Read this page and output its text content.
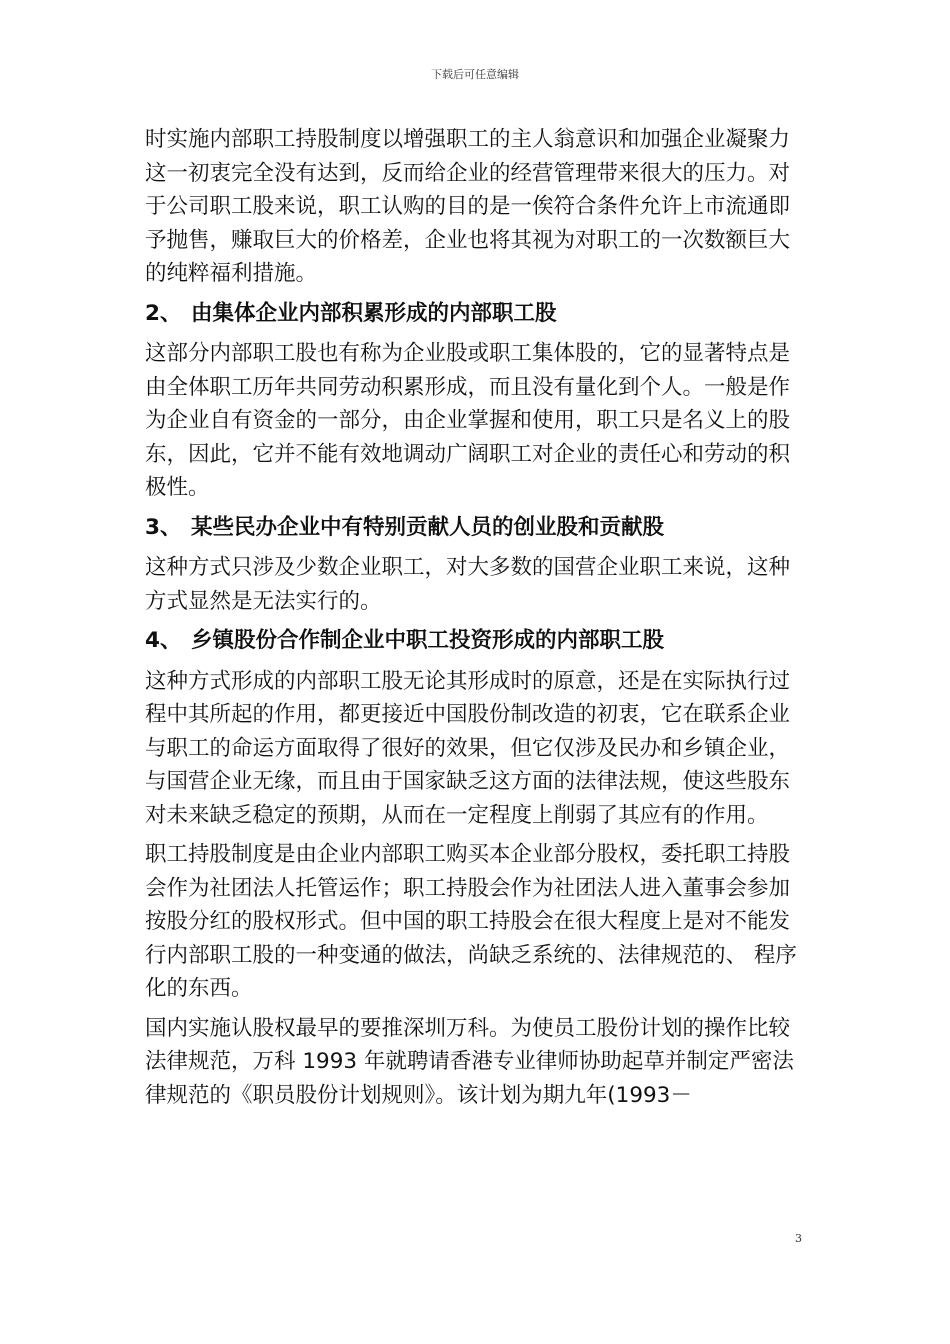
下载后可任意编辑

时实施内部职工持股制度以增强职工的主人翁意识和加强企业凝聚力这一初衷完全没有达到，反而给企业的经营管理带来很大的压力。对于公司职工股来说，职工认购的目的是一俟符合条件允许上市流通即予抛售，赚取巨大的价格差，企业也将其视为对职工的一次数额巨大的纯粹福利措施。

2、 由集体企业内部积累形成的内部职工股

这部分内部职工股也有称为企业股或职工集体股的，它的显著特点是由全体职工历年共同劳动积累形成，而且没有量化到个人。一般是作为企业自有资金的一部分，由企业掌握和使用，职工只是名义上的股东，因此，它并不能有效地调动广阔职工对企业的责任心和劳动的积极性。

3、 某些民办企业中有特别贡献人员的创业股和贡献股

这种方式只涉及少数企业职工，对大多数的国营企业职工来说，这种方式显然是无法实行的。

4、 乡镇股份合作制企业中职工投资形成的内部职工股

这种方式形成的内部职工股无论其形成时的原意，还是在实际执行过程中其所起的作用，都更接近中国股份制改造的初衷，它在联系企业与职工的命运方面取得了很好的效果，但它仅涉及民办和乡镇企业，与国营企业无缘，而且由于国家缺乏这方面的法律法规，使这些股东对未来缺乏稳定的预期，从而在一定程度上削弱了其应有的作用。

职工持股制度是由企业内部职工购买本企业部分股权，委托职工持股会作为社团法人托管运作；职工持股会作为社团法人进入董事会参加按股分红的股权形式。但中国的职工持股会在很大程度上是对不能发行内部职工股的一种变通的做法，尚缺乏系统的、法律规范的、 程序化的东西。

国内实施认股权最早的要推深圳万科。为使员工股份计划的操作比较法律规范，万科 1993 年就聘请香港专业律师协助起草并制定严密法律规范的《职员股份计划规则》。该计划为期九年(1993－

3
